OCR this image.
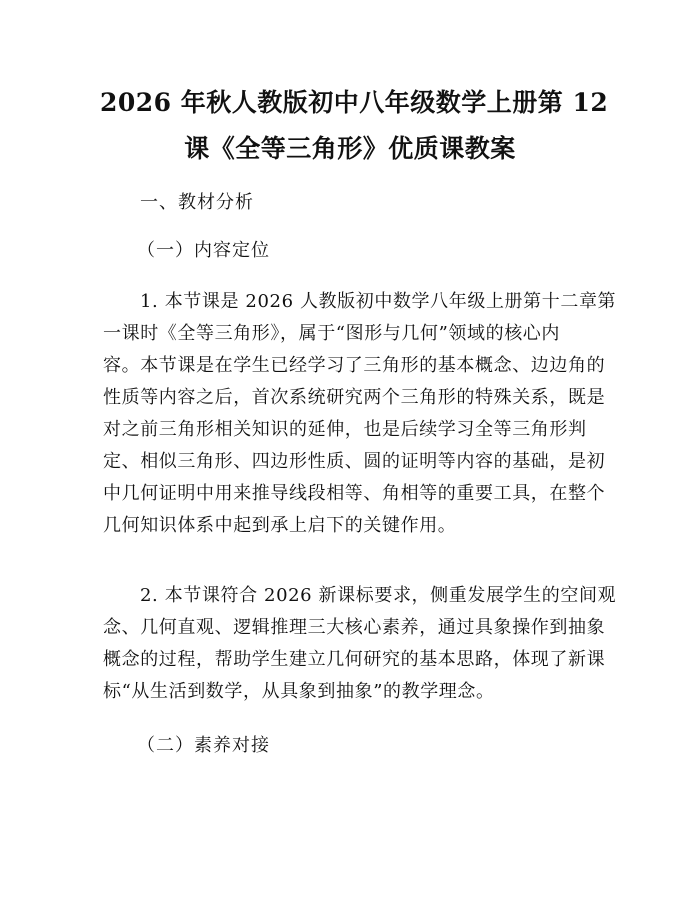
2026 年秋人教版初中八年级数学上册第 12
课《全等三角形》优质课教案
一、教材分析
（一）内容定位
1. 本节课是 2026 人教版初中数学八年级上册第十二章第
一课时《全等三角形》，属于“图形与几何”领域的核心内
容。本节课是在学生已经学习了三角形的基本概念、边边角的
性质等内容之后，首次系统研究两个三角形的特殊关系，既是
对之前三角形相关知识的延伸，也是后续学习全等三角形判
定、相似三角形、四边形性质、圆的证明等内容的基础，是初
中几何证明中用来推导线段相等、角相等的重要工具，在整个
几何知识体系中起到承上启下的关键作用。
2. 本节课符合 2026 新课标要求，侧重发展学生的空间观
念、几何直观、逻辑推理三大核心素养，通过具象操作到抽象
概念的过程，帮助学生建立几何研究的基本思路，体现了新课
标“从生活到数学，从具象到抽象”的教学理念。
（二）素养对接
